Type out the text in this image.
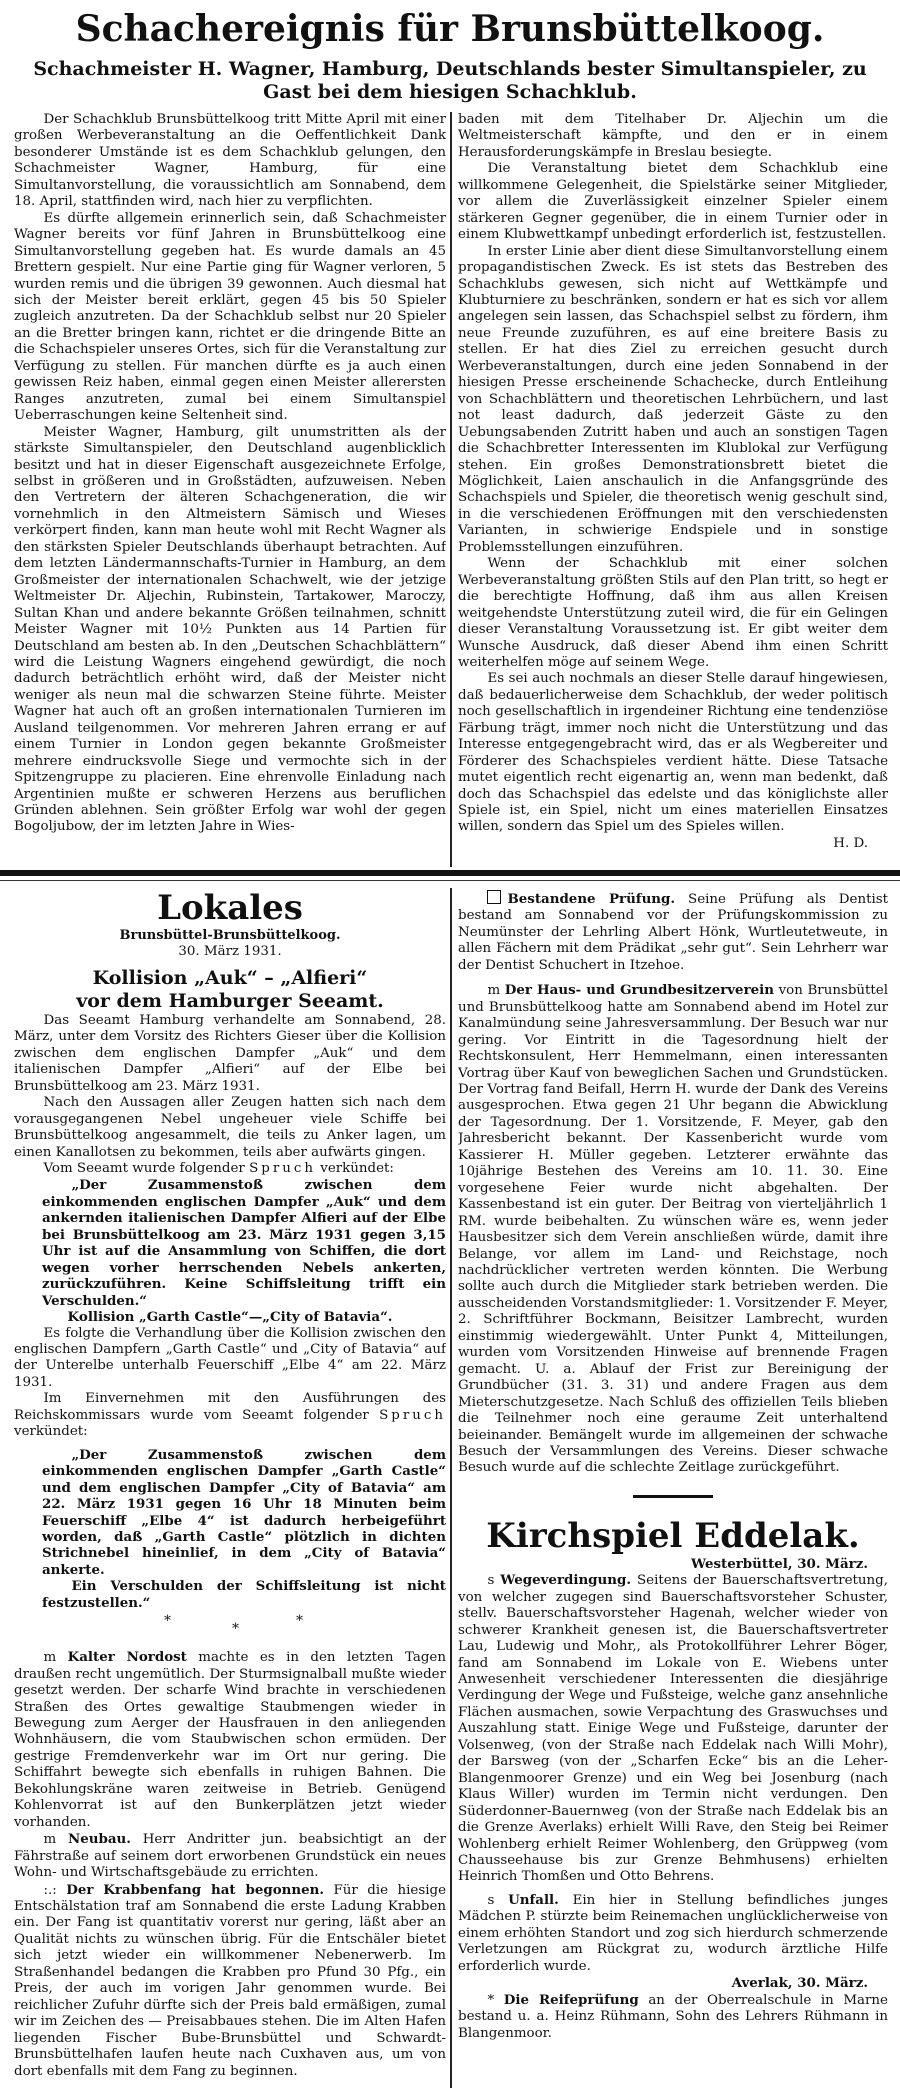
Schachereignis für Brunsbüttelkoog.
Schachmeister H. Wagner, Hamburg, Deutschlands bester Simultanspieler, zu Gast bei dem hiesigen Schachklub.

Der Schachklub Brunsbüttelkoog tritt Mitte April mit einer großen Werbeveranstaltung an die Oeffentlichkeit Dank besonderer Umstände ist es dem Schachklub gelungen, den Schachmeister Wagner, Hamburg, für eine Simultanvorstellung, die voraussichtlich am Sonnabend, dem 18. April, stattfinden wird, nach hier zu verpflichten.

Es dürfte allgemein erinnerlich sein, daß Schachmeister Wagner bereits vor fünf Jahren in Brunsbüttelkoog eine Simultanvorstellung gegeben hat. Es wurde damals an 45 Brettern gespielt. Nur eine Partie ging für Wagner verloren, 5 wurden remis und die übrigen 39 gewonnen. Auch diesmal hat sich der Meister bereit erklärt, gegen 45 bis 50 Spieler zugleich anzutreten. Da der Schachklub selbst nur 20 Spieler an die Bretter bringen kann, richtet er die dringende Bitte an die Schachspieler unseres Ortes, sich für die Veranstaltung zur Verfügung zu stellen. Für manchen dürfte es ja auch einen gewissen Reiz haben, einmal gegen einen Meister allerersten Ranges anzutreten, zumal bei einem Simultanspiel Ueberraschungen keine Seltenheit sind.

Meister Wagner, Hamburg, gilt unumstritten als der stärkste Simultanspieler, den Deutschland augenblicklich besitzt und hat in dieser Eigenschaft ausgezeichnete Erfolge, selbst in größeren und in Großstädten, aufzuweisen. Neben den Vertretern der älteren Schachgeneration, die wir vornehmlich in den Altmeistern Sämisch und Wieses verkörpert finden, kann man heute wohl mit Recht Wagner als den stärksten Spieler Deutschlands überhaupt betrachten. Auf dem letzten Ländermannschafts-Turnier in Hamburg, an dem Großmeister der internationalen Schachwelt, wie der jetzige Weltmeister Dr. Aljechin, Rubinstein, Tartakower, Maroczy, Sultan Khan und andere bekannte Größen teilnahmen, schnitt Meister Wagner mit 10½ Punkten aus 14 Partien für Deutschland am besten ab. In den „Deutschen Schachblättern“ wird die Leistung Wagners eingehend gewürdigt, die noch dadurch beträchtlich erhöht wird, daß der Meister nicht weniger als neun mal die schwarzen Steine führte. Meister Wagner hat auch oft an großen internationalen Turnieren im Ausland teilgenommen. Vor mehreren Jahren errang er auf einem Turnier in London gegen bekannte Großmeister mehrere eindrucksvolle Siege und vermochte sich in der Spitzengruppe zu placieren. Eine ehrenvolle Einladung nach Argentinien mußte er schweren Herzens aus beruflichen Gründen ablehnen. Sein größter Erfolg war wohl der gegen Bogoljubow, der im letzten Jahre in Wies-

baden mit dem Titelhaber Dr. Aljechin um die Weltmeisterschaft kämpfte, und den er in einem Herausforderungskämpfe in Breslau besiegte.

Die Veranstaltung bietet dem Schachklub eine willkommene Gelegenheit, die Spielstärke seiner Mitglieder, vor allem die Zuverlässigkeit einzelner Spieler einem stärkeren Gegner gegenüber, die in einem Turnier oder in einem Klubwettkampf unbedingt erforderlich ist, festzustellen.

In erster Linie aber dient diese Simultanvorstellung einem propagandistischen Zweck. Es ist stets das Bestreben des Schachklubs gewesen, sich nicht auf Wettkämpfe und Klubturniere zu beschränken, sondern er hat es sich vor allem angelegen sein lassen, das Schachspiel selbst zu fördern, ihm neue Freunde zuzuführen, es auf eine breitere Basis zu stellen. Er hat dies Ziel zu erreichen gesucht durch Werbeveranstaltungen, durch eine jeden Sonnabend in der hiesigen Presse erscheinende Schachecke, durch Entleihung von Schachblättern und theoretischen Lehrbüchern, und last not least dadurch, daß jederzeit Gäste zu den Uebungsabenden Zutritt haben und auch an sonstigen Tagen die Schachbretter Interessenten im Klublokal zur Verfügung stehen. Ein großes Demonstrationsbrett bietet die Möglichkeit, Laien anschaulich in die Anfangsgründe des Schachspiels und Spieler, die theoretisch wenig geschult sind, in die verschiedenen Eröffnungen mit den verschiedensten Varianten, in schwierige Endspiele und in sonstige Problemsstellungen einzuführen.

Wenn der Schachklub mit einer solchen Werbeveranstaltung größten Stils auf den Plan tritt, so hegt er die berechtigte Hoffnung, daß ihm aus allen Kreisen weitgehendste Unterstützung zuteil wird, die für ein Gelingen dieser Veranstaltung Voraussetzung ist. Er gibt weiter dem Wunsche Ausdruck, daß dieser Abend ihm einen Schritt weiterhelfen möge auf seinem Wege.

Es sei auch nochmals an dieser Stelle darauf hingewiesen, daß bedauerlicherweise dem Schachklub, der weder politisch noch gesellschaftlich in irgendeiner Richtung eine tendenziöse Färbung trägt, immer noch nicht die Unterstützung und das Interesse entgegengebracht wird, das er als Wegbereiter und Förderer des Schachspieles verdient hätte. Diese Tatsache mutet eigentlich recht eigenartig an, wenn man bedenkt, daß doch das Schachspiel das edelste und das königlichste aller Spiele ist, ein Spiel, nicht um eines materiellen Einsatzes willen, sondern das Spiel um des Spieles willen.

H. D.

Lokales

Brunsbüttel-Brunsbüttelkoog.

30. März 1931.

Kollision „Auk“ – „Alfieri“
vor dem Hamburger Seeamt.

Das Seeamt Hamburg verhandelte am Sonnabend, 28. März, unter dem Vorsitz des Richters Gieser über die Kollision zwischen dem englischen Dampfer „Auk“ und dem italienischen Dampfer „Alfieri“ auf der Elbe bei Brunsbüttelkoog am 23. März 1931.

Nach den Aussagen aller Zeugen hatten sich nach dem vorausgegangenen Nebel ungeheuer viele Schiffe bei Brunsbüttelkoog angesammelt, die teils zu Anker lagen, um einen Kanallotsen zu bekommen, teils aber aufwärts gingen.

Vom Seeamt wurde folgender Spruch verkündet:

„Der Zusammenstoß zwischen dem einkommenden englischen Dampfer „Auk“ und dem ankernden italienischen Dampfer Alfieri auf der Elbe bei Brunsbüttelkoog am 23. März 1931 gegen 3,15 Uhr ist auf die Ansammlung von Schiffen, die dort wegen vorher herrschenden Nebels ankerten, zurückzuführen. Keine Schiffsleitung trifft ein Verschulden.“

Kollision „Garth Castle“—„City of Batavia“.

Es folgte die Verhandlung über die Kollision zwischen den englischen Dampfern „Garth Castle“ und „City of Batavia“ auf der Unterelbe unterhalb Feuerschiff „Elbe 4“ am 22. März 1931.

Im Einvernehmen mit den Ausführungen des Reichskommissars wurde vom Seeamt folgender Spruch verkündet:

„Der Zusammenstoß zwischen dem einkommenden englischen Dampfer „Garth Castle“ und dem englischen Dampfer „City of Batavia“ am 22. März 1931 gegen 16 Uhr 18 Minuten beim Feuerschiff „Elbe 4“ ist dadurch herbeigeführt worden, daß „Garth Castle“ plötzlich in dichten Strichnebel hineinlief, in dem „City of Batavia“ ankerte.

Ein Verschulden der Schiffsleitung ist nicht festzustellen.“

*	*	*

m Kalter Nordost machte es in den letzten Tagen draußen recht ungemütlich. Der Sturmsignalball mußte wieder gesetzt werden. Der scharfe Wind brachte in verschiedenen Straßen des Ortes gewaltige Staubmengen wieder in Bewegung zum Aerger der Hausfrauen in den anliegenden Wohnhäusern, die vom Staubwischen schon ermüden. Der gestrige Fremdenverkehr war im Ort nur gering. Die Schiffahrt bewegte sich ebenfalls in ruhigen Bahnen. Die Bekohlungskräne waren zeitweise in Betrieb. Genügend Kohlenvorrat ist auf den Bunkerplätzen jetzt wieder vorhanden.

m Neubau. Herr Andritter jun. beabsichtigt an der Fährstraße auf seinem dort erworbenen Grundstück ein neues Wohn- und Wirtschaftsgebäude zu errichten.

:.: Der Krabbenfang hat begonnen. Für die hiesige Entschälstation traf am Sonnabend die erste Ladung Krabben ein. Der Fang ist quantitativ vorerst nur gering, läßt aber an Qualität nichts zu wünschen übrig. Für die Entschäler bietet sich jetzt wieder ein willkommener Nebenerwerb. Im Straßenhandel bedangen die Krabben pro Pfund 30 Pfg., ein Preis, der auch im vorigen Jahr genommen wurde. Bei reichlicher Zufuhr dürfte sich der Preis bald ermäßigen, zumal wir im Zeichen des — Preisabbaues stehen. Die im Alten Hafen liegenden Fischer Bube-Brunsbüttel und Schwardt-Brunsbüttelhafen laufen heute nach Cuxhaven aus, um von dort ebenfalls mit dem Fang zu beginnen.

Bestandene Prüfung. Seine Prüfung als Dentist bestand am Sonnabend vor der Prüfungskommission zu Neumünster der Lehrling Albert Hönk, Wurtleutetweute, in allen Fächern mit dem Prädikat „sehr gut“. Sein Lehrherr war der Dentist Schuchert in Itzehoe.

m Der Haus- und Grundbesitzerverein von Brunsbüttel und Brunsbüttelkoog hatte am Sonnabend abend im Hotel zur Kanalmündung seine Jahresversammlung. Der Besuch war nur gering. Vor Eintritt in die Tagesordnung hielt der Rechtskonsulent, Herr Hemmelmann, einen interessanten Vortrag über Kauf von beweglichen Sachen und Grundstücken. Der Vortrag fand Beifall, Herrn H. wurde der Dank des Vereins ausgesprochen. Etwa gegen 21 Uhr begann die Abwicklung der Tagesordnung. Der 1. Vorsitzende, F. Meyer, gab den Jahresbericht bekannt. Der Kassenbericht wurde vom Kassierer H. Müller gegeben. Letzterer erwähnte das 10jährige Bestehen des Vereins am 10. 11. 30. Eine vorgesehene Feier wurde nicht abgehalten. Der Kassenbestand ist ein guter. Der Beitrag von vierteljährlich 1 RM. wurde beibehalten. Zu wünschen wäre es, wenn jeder Hausbesitzer sich dem Verein anschließen würde, damit ihre Belange, vor allem im Land- und Reichstage, noch nachdrücklicher vertreten werden könnten. Die Werbung sollte auch durch die Mitglieder stark betrieben werden. Die ausscheidenden Vorstandsmitglieder: 1. Vorsitzender F. Meyer, 2. Schriftführer Bockmann, Beisitzer Lambrecht, wurden einstimmig wiedergewählt. Unter Punkt 4, Mitteilungen, wurden vom Vorsitzenden Hinweise auf brennende Fragen gemacht. U. a. Ablauf der Frist zur Bereinigung der Grundbücher (31. 3. 31) und andere Fragen aus dem Mieterschutzgesetze. Nach Schluß des offiziellen Teils blieben die Teilnehmer noch eine geraume Zeit unterhaltend beieinander. Bemängelt wurde im allgemeinen der schwache Besuch der Versammlungen des Vereins. Dieser schwache Besuch wurde auf die schlechte Zeitlage zurückgeführt.

Kirchspiel Eddelak.

Westerbüttel, 30. März.

s Wegeverdingung. Seitens der Bauerschaftsvertretung, von welcher zugegen sind Bauerschaftsvorsteher Schuster, stellv. Bauerschaftsvorsteher Hagenah, welcher wieder von schwerer Krankheit genesen ist, die Bauerschaftsvertreter Lau, Ludewig und Mohr,, als Protokollführer Lehrer Böger, fand am Sonnabend im Lokale von E. Wiebens unter Anwesenheit verschiedener Interessenten die diesjährige Verdingung der Wege und Fußsteige, welche ganz ansehnliche Flächen ausmachen, sowie Verpachtung des Graswuchses und Auszahlung statt. Einige Wege und Fußsteige, darunter der Volsenweg, (von der Straße nach Eddelak nach Willi Mohr), der Barsweg (von der „Scharfen Ecke“ bis an die Leher-Blangenmoorer Grenze) und ein Weg bei Josenburg (nach Klaus Willer) wurden im Termin nicht verdungen. Den Süderdonner-Bauernweg (von der Straße nach Eddelak bis an die Grenze Averlaks) erhielt Willi Rave, den Steig bei Reimer Wohlenberg erhielt Reimer Wohlenberg, den Grüppweg (vom Chausseehause bis zur Grenze Behmhusens) erhielten Heinrich Thomßen und Otto Behrens.

s Unfall. Ein hier in Stellung befindliches junges Mädchen P. stürzte beim Reinemachen unglücklicherweise von einem erhöhten Standort und zog sich hierdurch schmerzende Verletzungen am Rückgrat zu, wodurch ärztliche Hilfe erforderlich wurde.

Averlak, 30. März.

* Die Reifeprüfung an der Oberrealschule in Marne bestand u. a. Heinz Rühmann, Sohn des Lehrers Rühmann in Blangenmoor.
